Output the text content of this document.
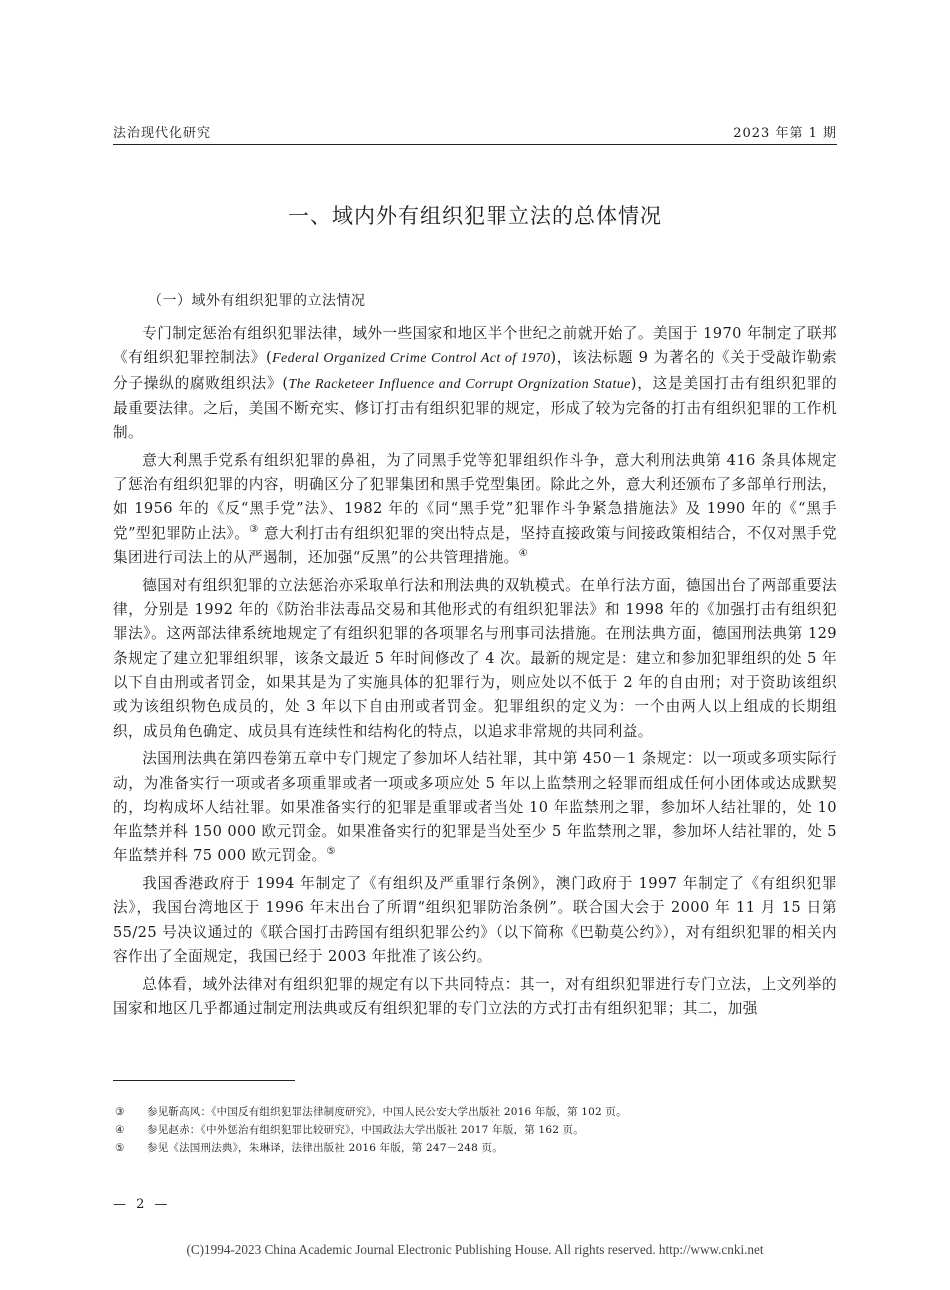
法治现代化研究	2023 年第 1 期
一、域内外有组织犯罪立法的总体情况
（一）域外有组织犯罪的立法情况

专门制定惩治有组织犯罪法律，域外一些国家和地区半个世纪之前就开始了。美国于 1970 年制定了联邦《有组织犯罪控制法》(Federal Organized Crime Control Act of 1970)，该法标题 9 为著名的《关于受敲诈勒索分子操纵的腐败组织法》(The Racketeer Influence and Corrupt Orgnization Statue)，这是美国打击有组织犯罪的最重要法律。之后，美国不断充实、修订打击有组织犯罪的规定，形成了较为完备的打击有组织犯罪的工作机制。

意大利黑手党系有组织犯罪的鼻祖，为了同黑手党等犯罪组织作斗争，意大利刑法典第 416 条具体规定了惩治有组织犯罪的内容，明确区分了犯罪集团和黑手党型集团。除此之外，意大利还颁布了多部单行刑法，如 1956 年的《反“黑手党”法》、1982 年的《同“黑手党”犯罪作斗争紧急措施法》及 1990 年的《“黑手党”型犯罪防止法》。③ 意大利打击有组织犯罪的突出特点是，坚持直接政策与间接政策相结合，不仅对黑手党集团进行司法上的从严遏制，还加强“反黑”的公共管理措施。④

德国对有组织犯罪的立法惩治亦采取单行法和刑法典的双轨模式。在单行法方面，德国出台了两部重要法律，分别是 1992 年的《防治非法毒品交易和其他形式的有组织犯罪法》和 1998 年的《加强打击有组织犯罪法》。这两部法律系统地规定了有组织犯罪的各项罪名与刑事司法措施。在刑法典方面，德国刑法典第 129 条规定了建立犯罪组织罪，该条文最近 5 年时间修改了 4 次。最新的规定是：建立和参加犯罪组织的处 5 年以下自由刑或者罚金，如果其是为了实施具体的犯罪行为，则应处以不低于 2 年的自由刑；对于资助该组织或为该组织物色成员的，处 3 年以下自由刑或者罚金。犯罪组织的定义为：一个由两人以上组成的长期组织，成员角色确定、成员具有连续性和结构化的特点，以追求非常规的共同利益。

法国刑法典在第四卷第五章中专门规定了参加坏人结社罪，其中第 450－1 条规定：以一项或多项实际行动，为准备实行一项或者多项重罪或者一项或多项应处 5 年以上监禁刑之轻罪而组成任何小团体或达成默契的，均构成坏人结社罪。如果准备实行的犯罪是重罪或者当处 10 年监禁刑之罪，参加坏人结社罪的，处 10 年监禁并科 150 000 欧元罚金。如果准备实行的犯罪是当处至少 5 年监禁刑之罪，参加坏人结社罪的，处 5 年监禁并科 75 000 欧元罚金。⑤

我国香港政府于 1994 年制定了《有组织及严重罪行条例》，澳门政府于 1997 年制定了《有组织犯罪法》，我国台湾地区于 1996 年末出台了所谓“组织犯罪防治条例”。联合国大会于 2000 年 11 月 15 日第 55/25 号决议通过的《联合国打击跨国有组织犯罪公约》（以下简称《巴勒莫公约》），对有组织犯罪的相关内容作出了全面规定，我国已经于 2003 年批准了该公约。

总体看，域外法律对有组织犯罪的规定有以下共同特点：其一，对有组织犯罪进行专门立法，上文列举的国家和地区几乎都通过制定刑法典或反有组织犯罪的专门立法的方式打击有组织犯罪；其二，加强

③	参见靳高风：《中国反有组织犯罪法律制度研究》，中国人民公安大学出版社 2016 年版，第 102 页。
④	参见赵赤：《中外惩治有组织犯罪比较研究》，中国政法大学出版社 2017 年版，第 162 页。
⑤	参见《法国刑法典》，朱琳译，法律出版社 2016 年版，第 247－248 页。
— 2 —
(C)1994-2023 China Academic Journal Electronic Publishing House. All rights reserved. http://www.cnki.net
